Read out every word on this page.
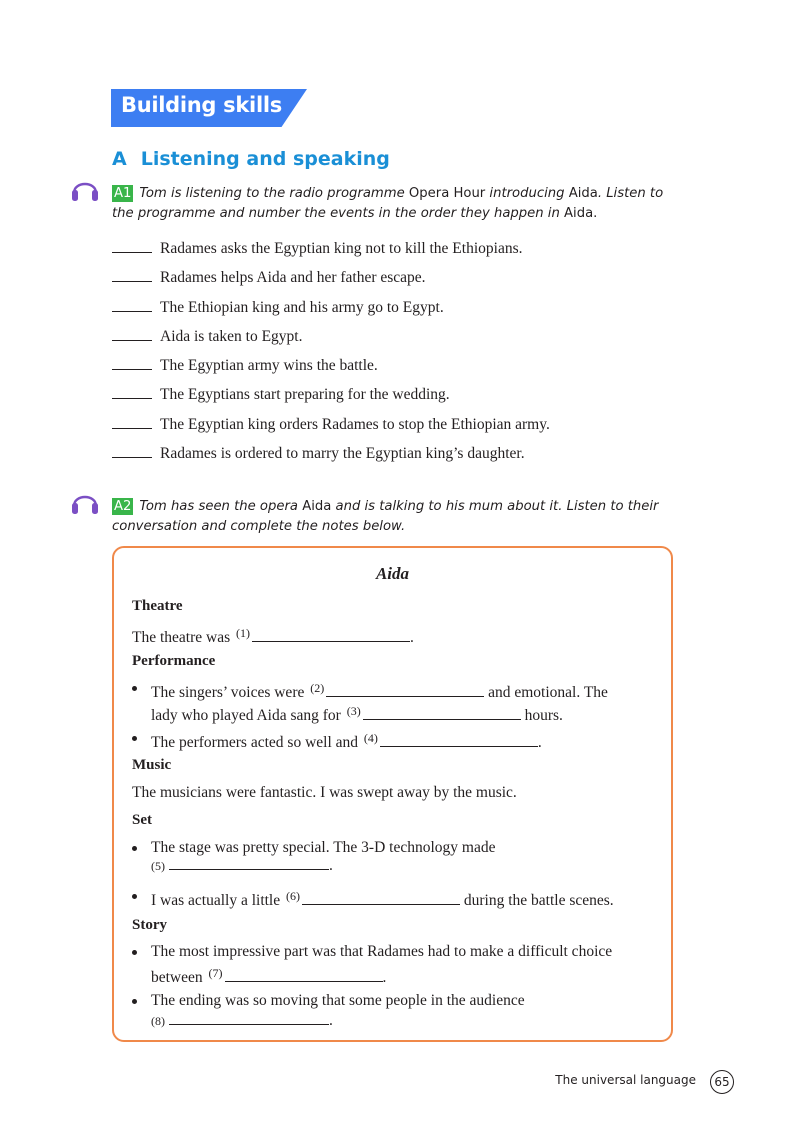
Building skills
A Listening and speaking
A1 Tom is listening to the radio programme Opera Hour introducing Aida. Listen to the programme and number the events in the order they happen in Aida.
Radames asks the Egyptian king not to kill the Ethiopians.
Radames helps Aida and her father escape.
The Ethiopian king and his army go to Egypt.
Aida is taken to Egypt.
The Egyptian army wins the battle.
The Egyptians start preparing for the wedding.
The Egyptian king orders Radames to stop the Ethiopian army.
Radames is ordered to marry the Egyptian king’s daughter.
A2 Tom has seen the opera Aida and is talking to his mum about it. Listen to their conversation and complete the notes below.
Aida
Theatre
The theatre was $^{(1)}$	.
Performance
The singers’ voices were $^{(2)}$	and emotional. The
lady who played Aida sang for $^{(3)}$	hours.
The performers acted so well and $^{(4)}$	.
Music
The musicians were fantastic. I was swept away by the music.
Set
The stage was pretty special. The 3-D technology made
(5)	.
I was actually a little $^{(6)}$	during the battle scenes.
Story
The most impressive part was that Radames had to make a difficult choice
between $^{(7)}$	.
The ending was so moving that some people in the audience
(8)	.
The universal language	65
